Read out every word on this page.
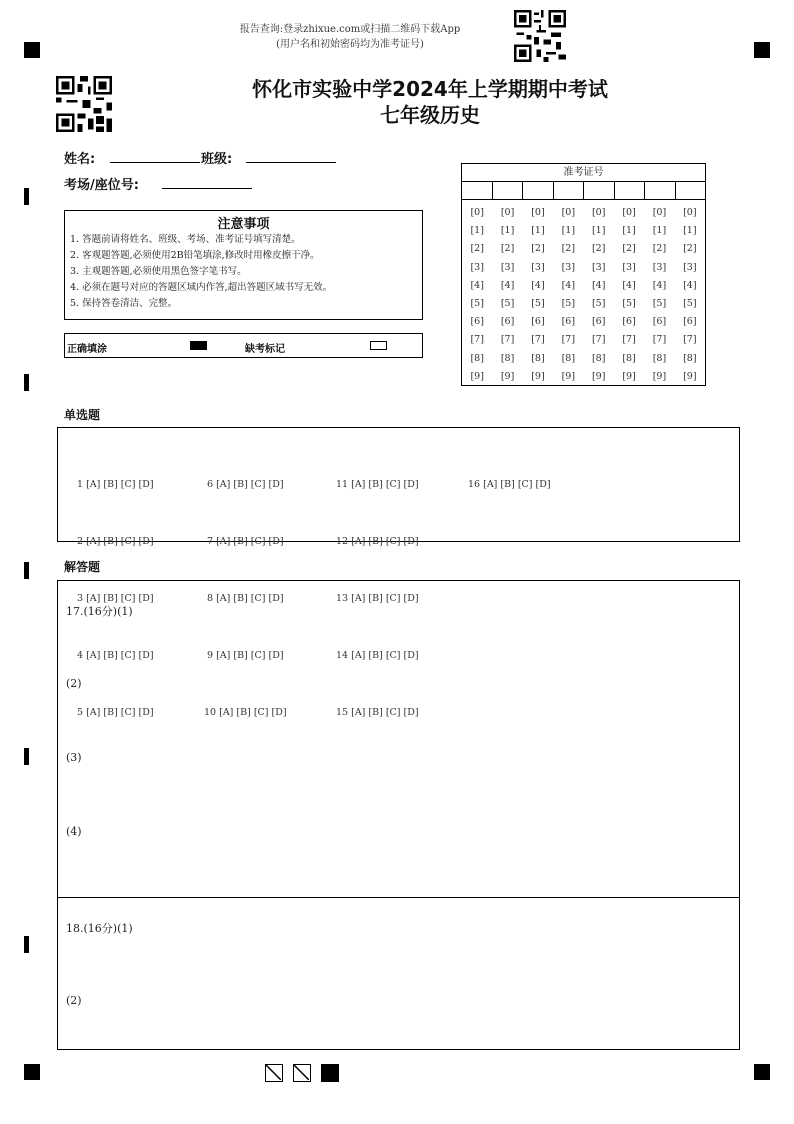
报告查询:登录zhixue.com或扫描二维码下载App
(用户名和初始密码均为准考证号)
怀化市实验中学2024年上学期期中考试
七年级历史
姓名:	班级:
考场/座位号:
注意事项
1. 答题前请将姓名、班级、考场、准考证号填写清楚。
2. 客观题答题,必须使用2B铅笔填涂,修改时用橡皮擦干净。
3. 主观题答题,必须使用黑色签字笔书写。
4. 必须在题号对应的答题区域内作答,超出答题区域书写无效。
5. 保持答卷清洁、完整。
正确填涂	缺考标记
准考证号
[0]
[1]
[2]
[3]
[4]
[5]
[6]
[7]
[8]
[9]
[0]
[1]
[2]
[3]
[4]
[5]
[6]
[7]
[8]
[9]
[0]
[1]
[2]
[3]
[4]
[5]
[6]
[7]
[8]
[9]
[0]
[1]
[2]
[3]
[4]
[5]
[6]
[7]
[8]
[9]
[0]
[1]
[2]
[3]
[4]
[5]
[6]
[7]
[8]
[9]
[0]
[1]
[2]
[3]
[4]
[5]
[6]
[7]
[8]
[9]
[0]
[1]
[2]
[3]
[4]
[5]
[6]
[7]
[8]
[9]
[0]
[1]
[2]
[3]
[4]
[5]
[6]
[7]
[8]
[9]
单选题

1 [A] [B] [C] [D]

2 [A] [B] [C] [D]

3 [A] [B] [C] [D]

4 [A] [B] [C] [D]

5 [A] [B] [C] [D]

6 [A] [B] [C] [D]

7 [A] [B] [C] [D]

8 [A] [B] [C] [D]

9 [A] [B] [C] [D]

10 [A] [B] [C] [D]

11 [A] [B] [C] [D]

12 [A] [B] [C] [D]

13 [A] [B] [C] [D]

14 [A] [B] [C] [D]

15 [A] [B] [C] [D]

16 [A] [B] [C] [D]

解答题
17.(16分)(1)
(2)
(3)
(4)
18.(16分)(1)
(2)
